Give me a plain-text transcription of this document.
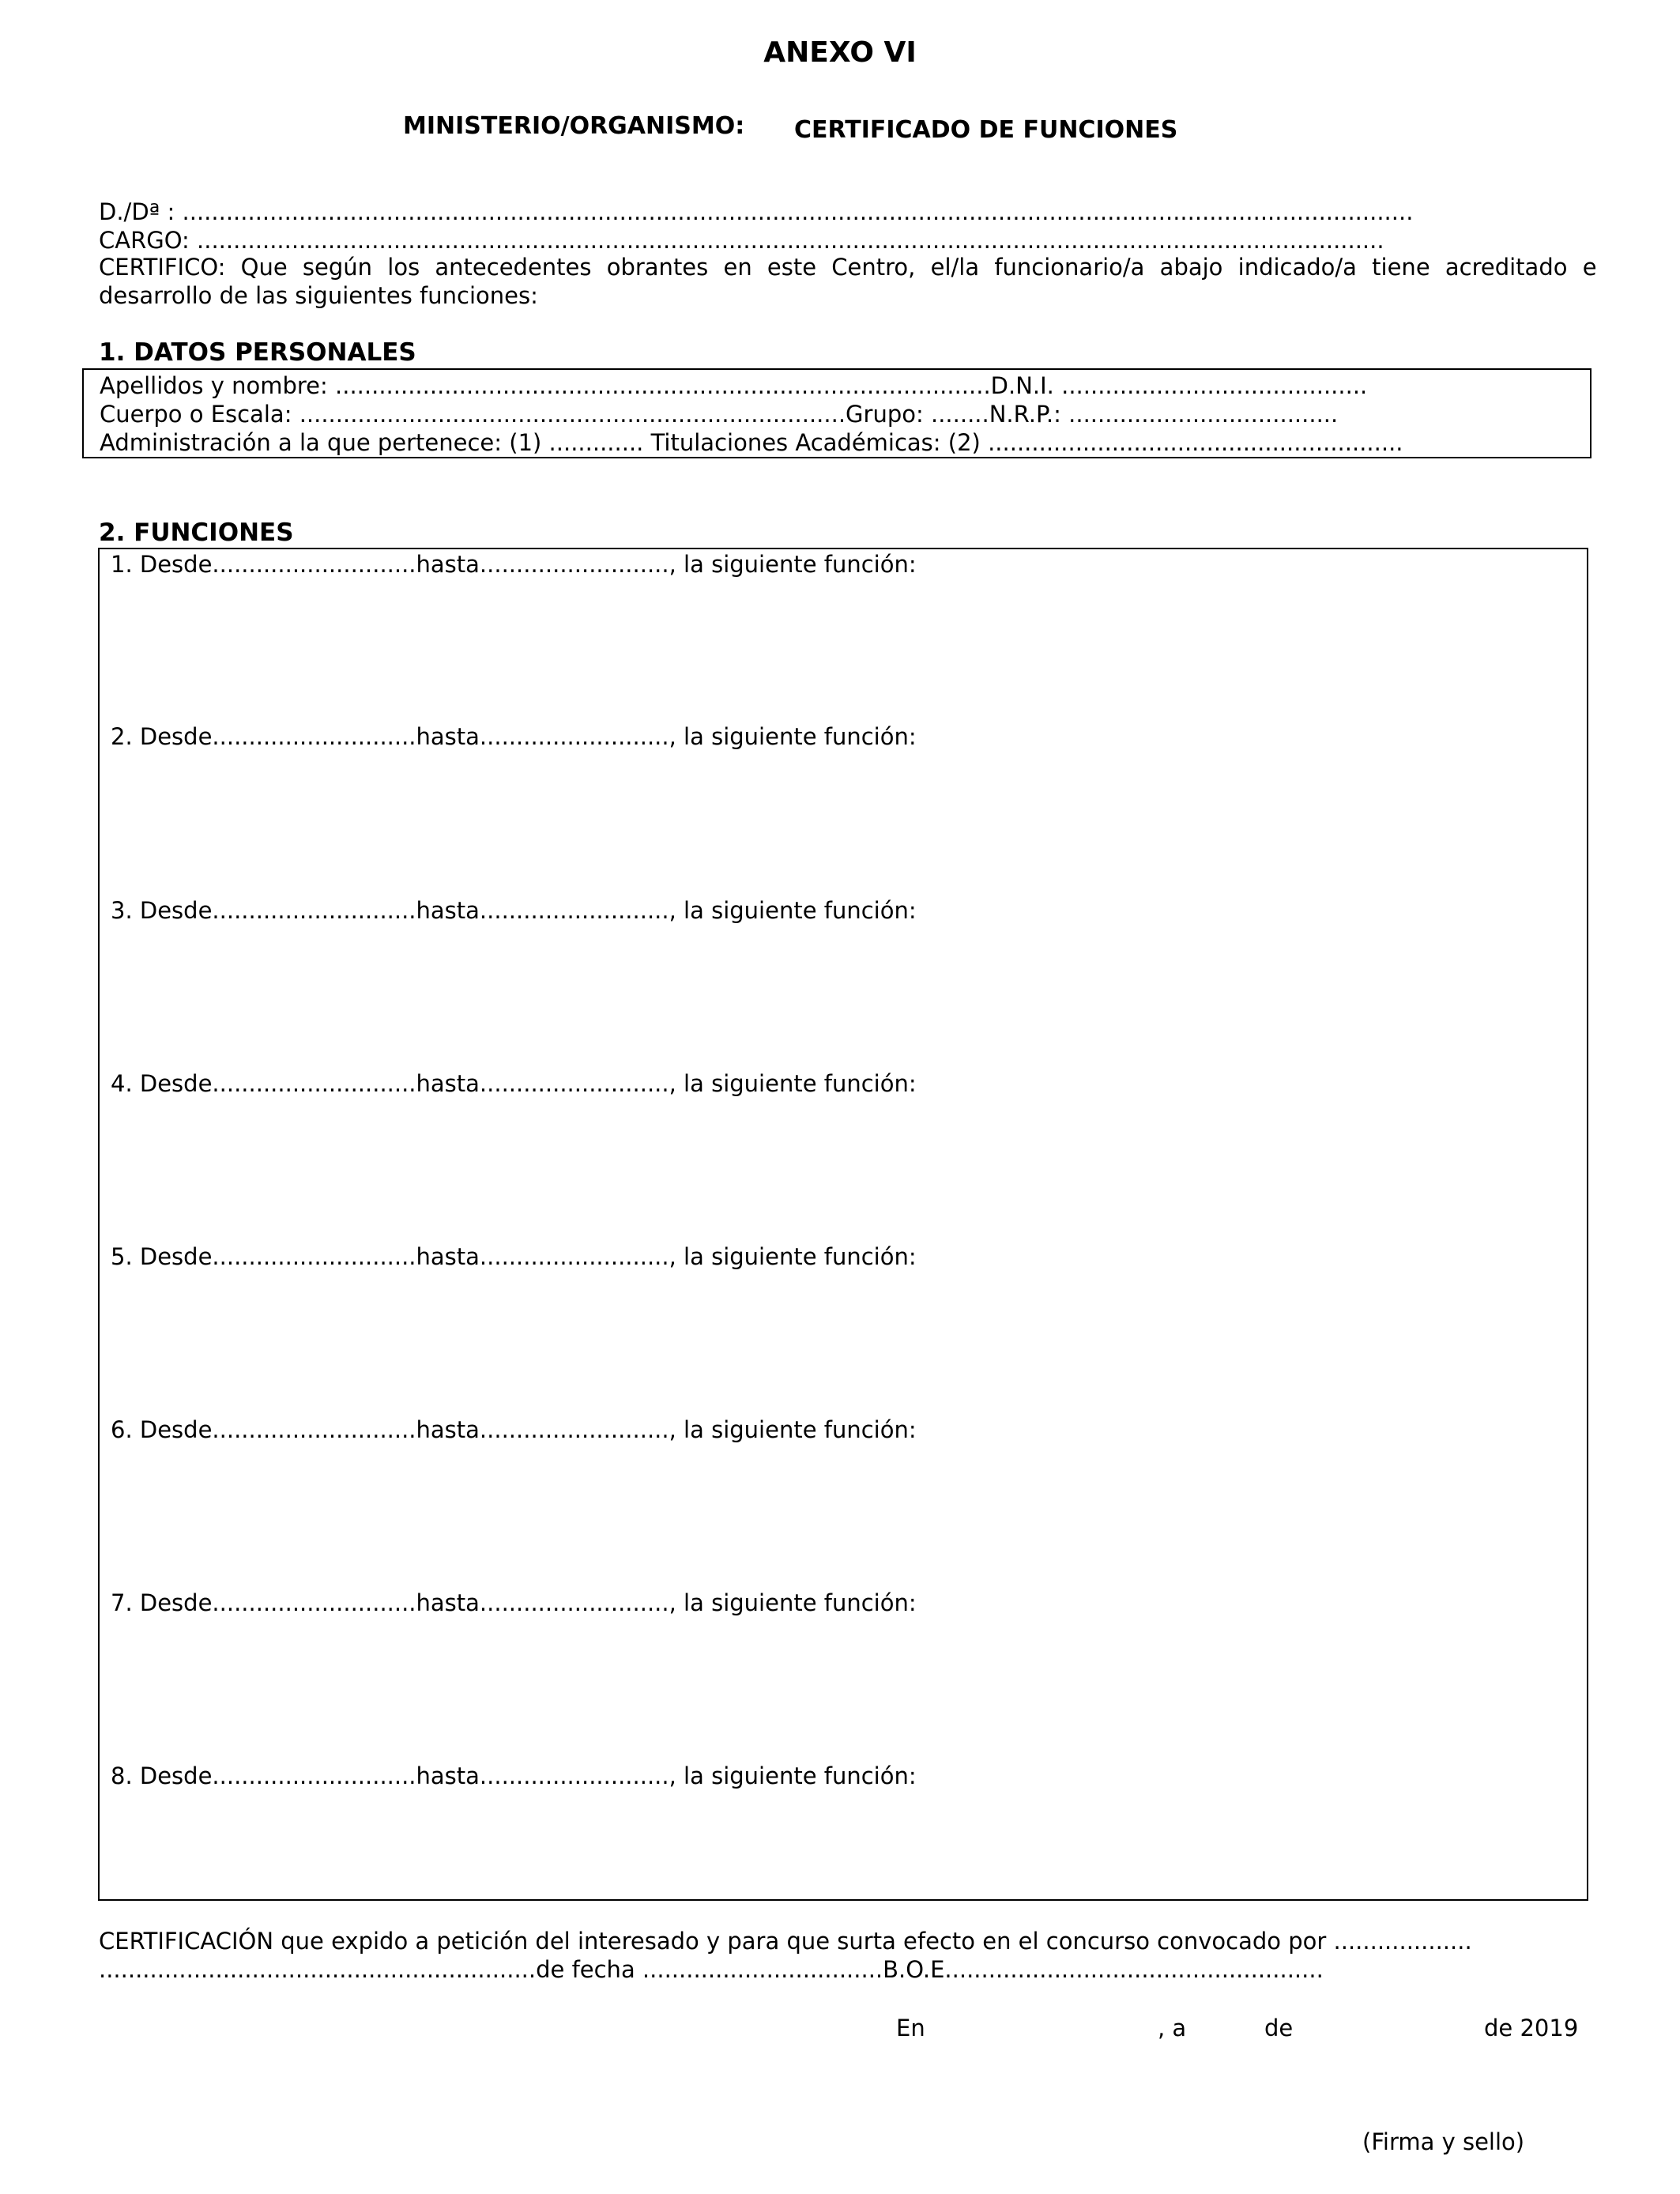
ANEXO VI
MINISTERIO/ORGANISMO: CERTIFICADO DE FUNCIONES
D./Dª : .........................................................................................................................................................................
CARGO: ...................................................................................................................................................................
CERTIFICO: Que según los antecedentes obrantes en este Centro, el/la funcionario/a abajo indicado/a tiene acreditado e
desarrollo de las siguientes funciones:
1. DATOS PERSONALES
Apellidos y nombre: ..........................................................................................D.N.I. ..........................................
Cuerpo o Escala: ...........................................................................Grupo: ........N.R.P.: .....................................
Administración a la que pertenece: (1) ............. Titulaciones Académicas: (2) .........................................................
2. FUNCIONES
1. Desde............................hasta.........................., la siguiente función:
2. Desde............................hasta.........................., la siguiente función:
3. Desde............................hasta.........................., la siguiente función:
4. Desde............................hasta.........................., la siguiente función:
5. Desde............................hasta.........................., la siguiente función:
6. Desde............................hasta.........................., la siguiente función:
7. Desde............................hasta.........................., la siguiente función:
8. Desde............................hasta.........................., la siguiente función:
CERTIFICACIÓN que expido a petición del interesado y para que surta efecto en el concurso convocado por ...................
............................................................de fecha .................................B.O.E....................................................
En	, a	de	de 2019
(Firma y sello)
